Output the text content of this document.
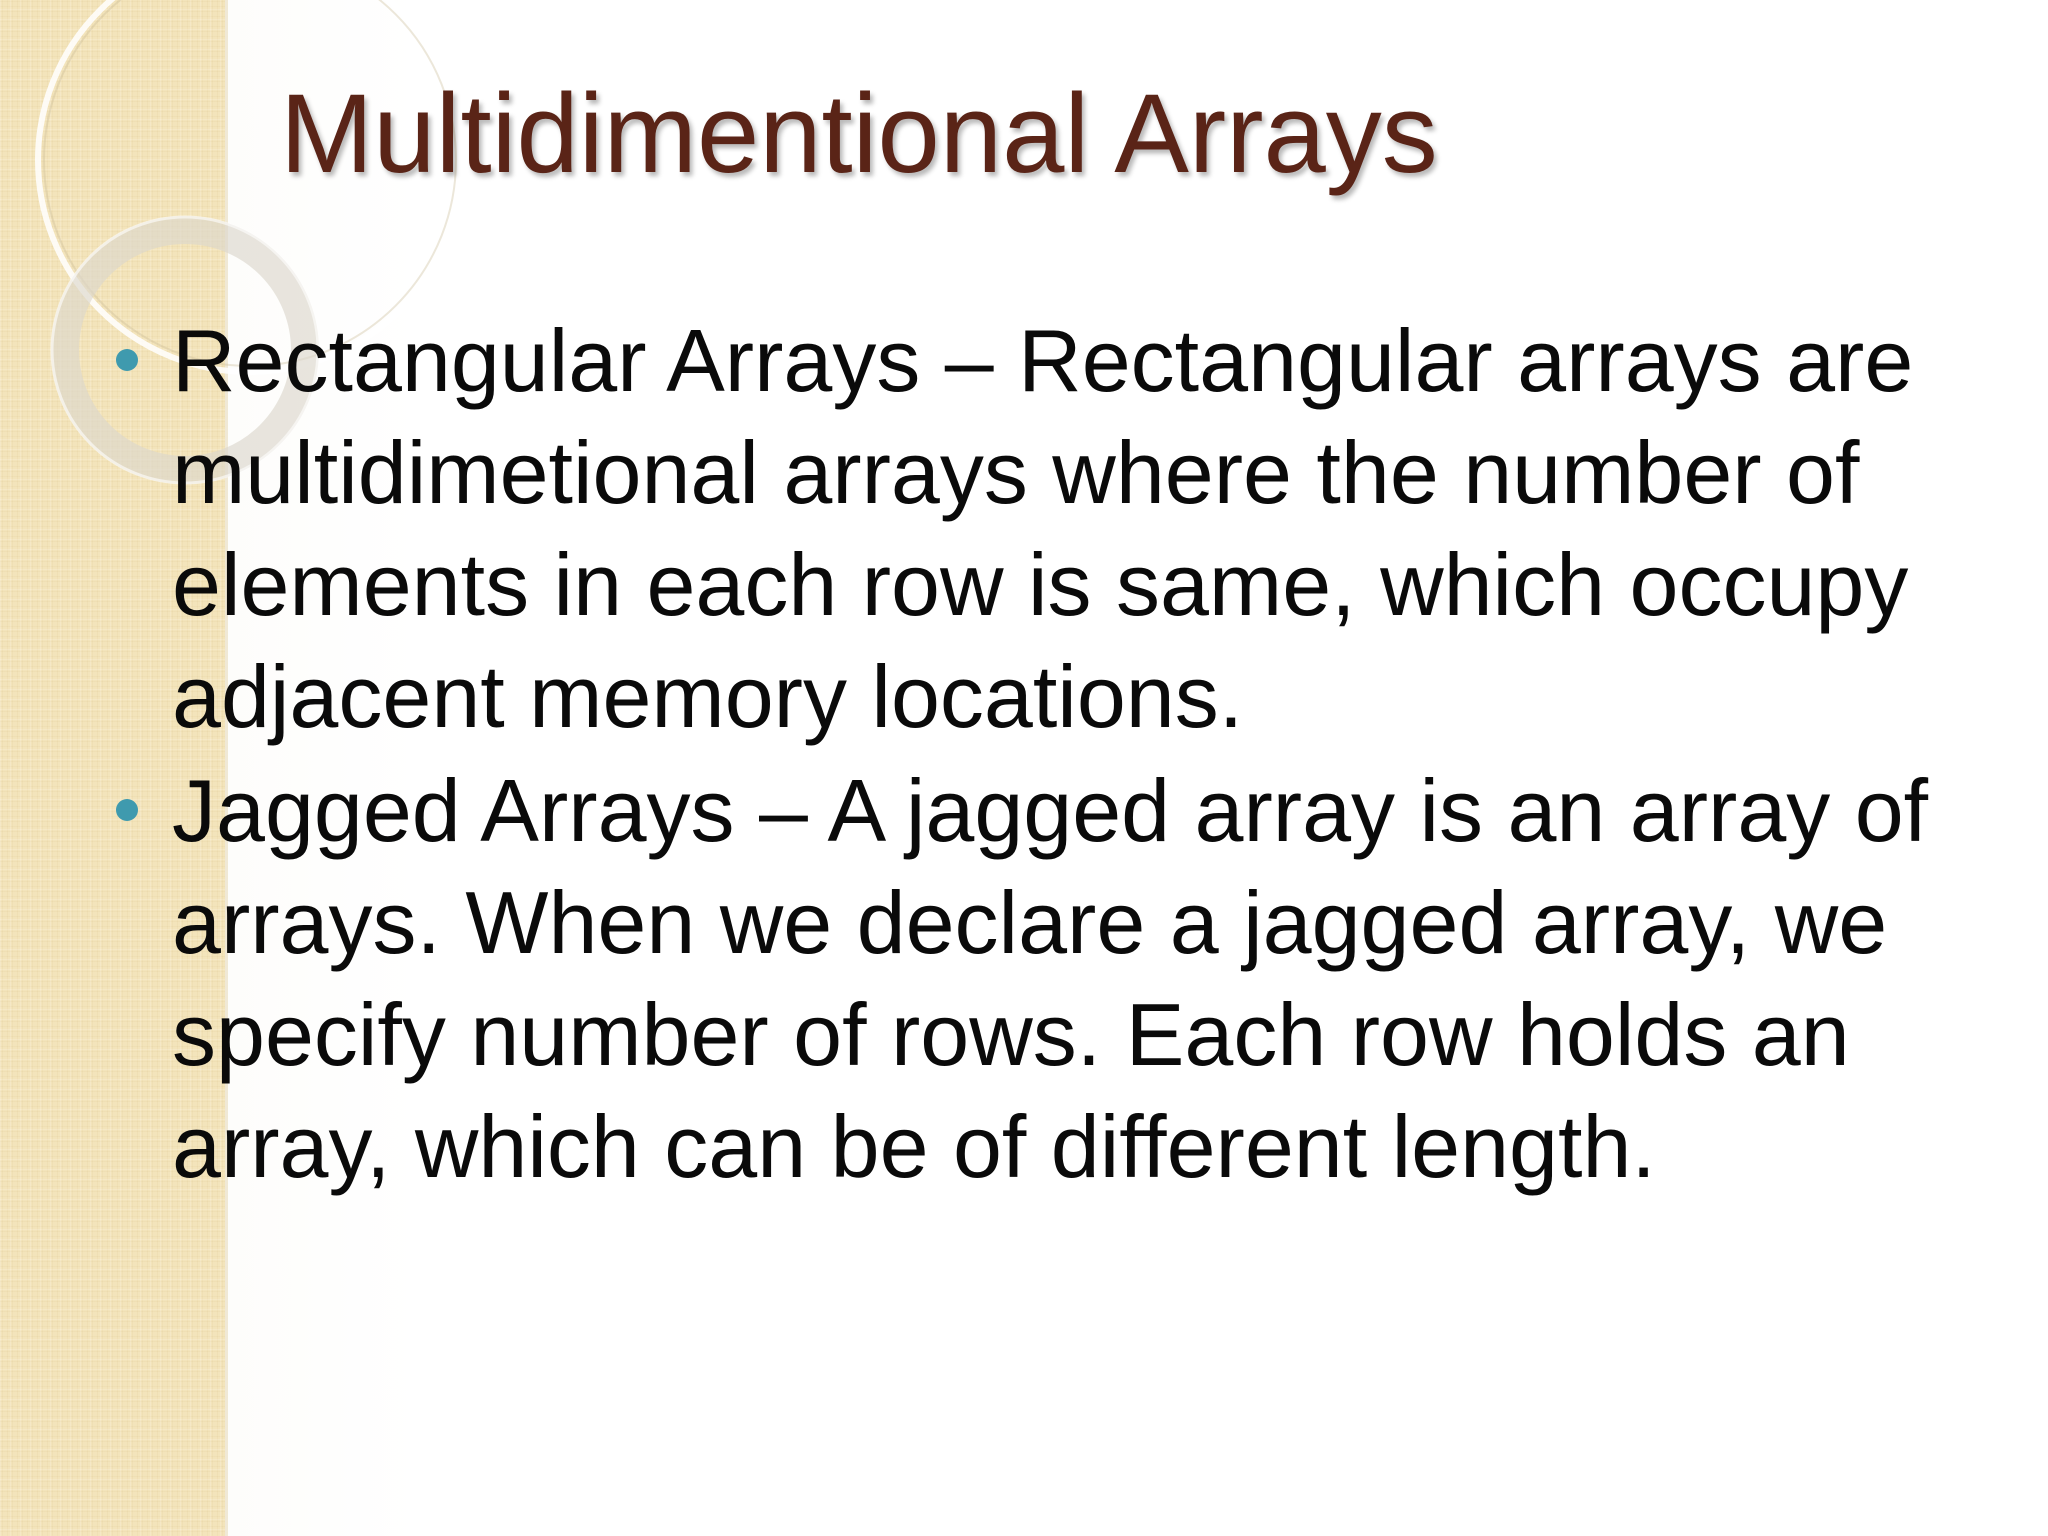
Multidimentional Arrays
Rectangular Arrays – Rectangular arrays are multidimetional arrays where the number of elements in each row is same, which occupy adjacent memory locations.
Jagged Arrays – A jagged array is an array of arrays. When we declare a jagged array, we specify number of rows. Each row holds an array, which can be of different length.
